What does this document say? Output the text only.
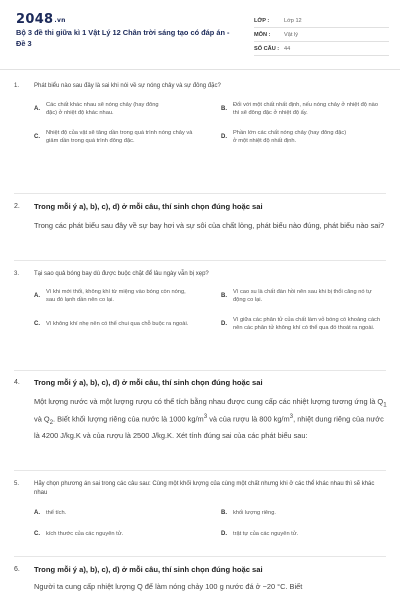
2048.vn
Bộ 3 đề thi giữa kì 1 Vật Lý 12 Chân trời sáng tạo có đáp án - Đề 3
LỚP :	Lớp 12
MÔN :	Vật lý
SỐ CÂU : 44
1.	Phát biểu nào sau đây là sai khi nói về sự nóng chảy và sự đông đặc?
A.
Các chất khác nhau sẽ nóng chảy (hay đông đặc) ở nhiệt độ khác nhau.
B.
Đối với một chất nhất định, nếu nóng chảy ở nhiệt độ nào thì sẽ đông đặc ở nhiệt độ ấy.
C.
Nhiệt độ của vật sẽ tăng dần trong quá trình nóng chảy và giảm dần trong quá trình đông đặc.
D.
Phần lớn các chất nóng chảy (hay đông đặc) ở một nhiệt độ nhất định.
2.	Trong mỗi ý a), b), c), d) ở mỗi câu, thí sinh chọn đúng hoặc sai
Trong các phát biểu sau đây về sự bay hơi và sự sôi của chất lỏng, phát biểu nào đúng, phát biểu nào sai?
3.	Tại sao quả bóng bay dù được buộc chặt để lâu ngày vẫn bị xẹp?
A.
Vì khi mới thổi, không khí từ miệng vào bóng còn nóng, sau đó lạnh dần nên co lại.
B.
Vì cao su là chất đàn hồi nên sau khi bị thổi căng nó tự động co lại.
C.	Vì không khí nhẹ nên có thể chui qua chỗ buộc ra ngoài.	D.
Vì giữa các phân tử của chất làm vỏ bóng có khoảng cách nên các phân tử không khí có thể qua đó thoát ra ngoài.
4.	Trong mỗi ý a), b), c), d) ở mỗi câu, thí sinh chọn đúng hoặc sai
Một lượng nước và một lượng rượu có thể tích bằng nhau được cung cấp các nhiệt lượng tương ứng là $Q_1$ và $Q_2$. Biết khối lượng riêng của nước là 1000 $kg/m^3$ và của rượu là 800 $kg/m^3$, nhiệt dung riêng của nước là 4200 J/kg.K và của rượu là 2500 J/kg.K. Xét tính đúng sai của các phát biểu sau:
5.	Hãy chọn phương án sai trong các câu sau: Cùng một khối lượng của cùng một chất nhưng khi ở các thể khác nhau thì sẽ khác nhau
A.	thể tích.	B.	khối lượng riêng.
C.	kích thước của các nguyên tử.	D.	trật tự của các nguyên tử.
6.	Trong mỗi ý a), b), c), d) ở mỗi câu, thí sinh chọn đúng hoặc sai
Người ta cung cấp nhiệt lượng Q để làm nóng chảy 100 g nước đá ở −20 °C. Biết
